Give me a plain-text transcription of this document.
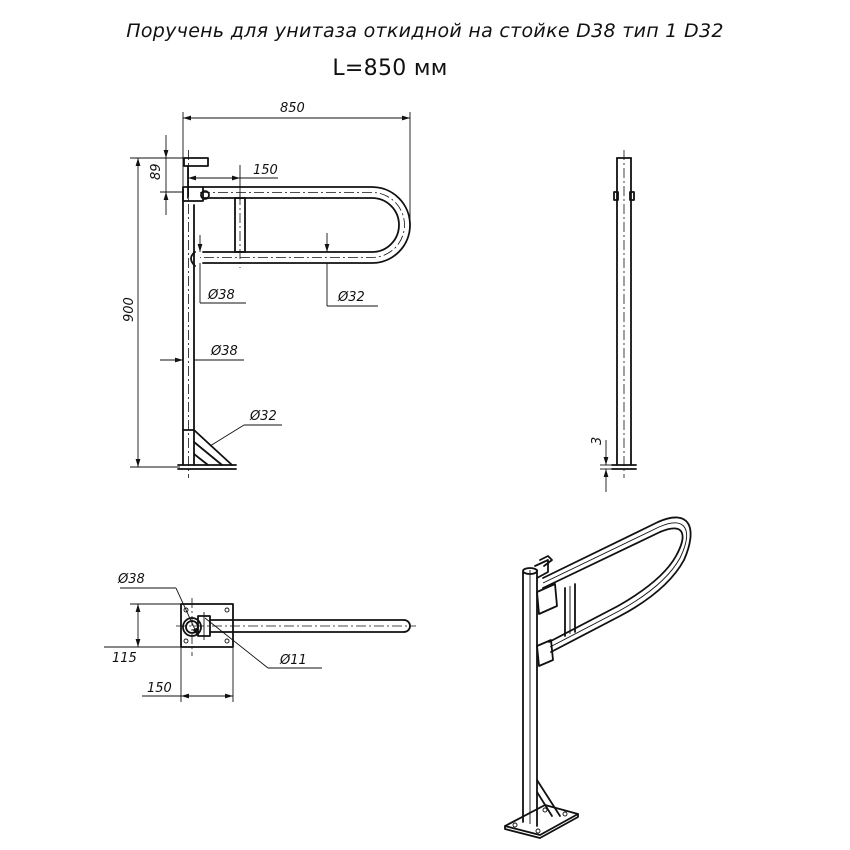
Поручень для унитаза откидной на стойке D38 тип 1 D32
L=850 мм
850
150
89
900
Ø38	Ø32
Ø38
Ø32
3
Ø38
Ø11
115
150
